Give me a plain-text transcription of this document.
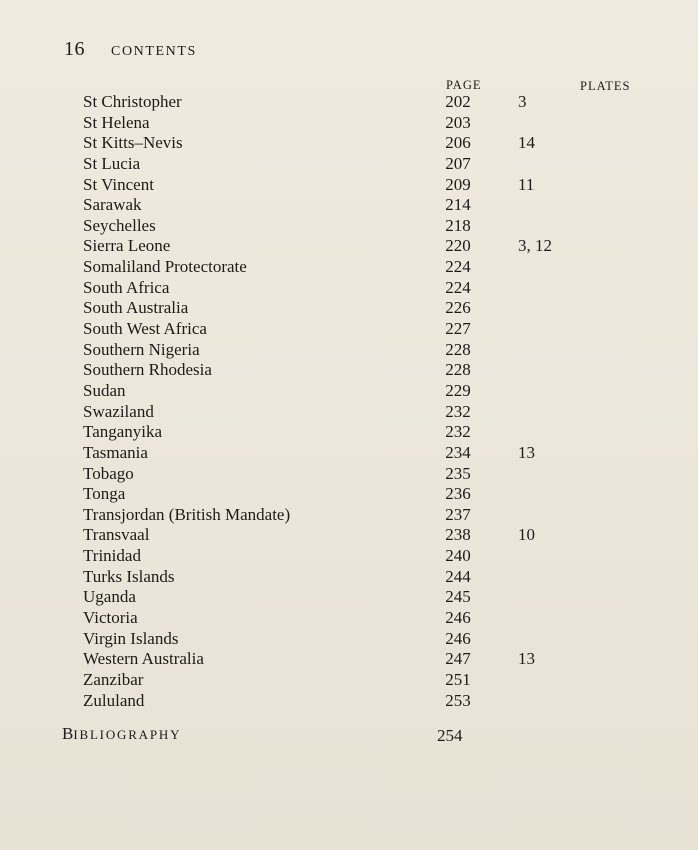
16 CONTENTS
PAGE	PLATES
St Christopher	202	3
St Helena	203
St Kitts–Nevis	206	14
St Lucia	207
St Vincent	209	11
Sarawak	214
Seychelles	218
Sierra Leone	220	3, 12
Somaliland Protectorate	224
South Africa	224
South Australia	226
South West Africa	227
Southern Nigeria	228
Southern Rhodesia	228
Sudan	229
Swaziland	232
Tanganyika	232
Tasmania	234	13
Tobago	235
Tonga	236
Transjordan (British Mandate)	237
Transvaal	238	10
Trinidad	240
Turks Islands	244
Uganda	245
Victoria	246
Virgin Islands	246
Western Australia	247	13
Zanzibar	251
Zululand	253
BIBLIOGRAPHY	254
